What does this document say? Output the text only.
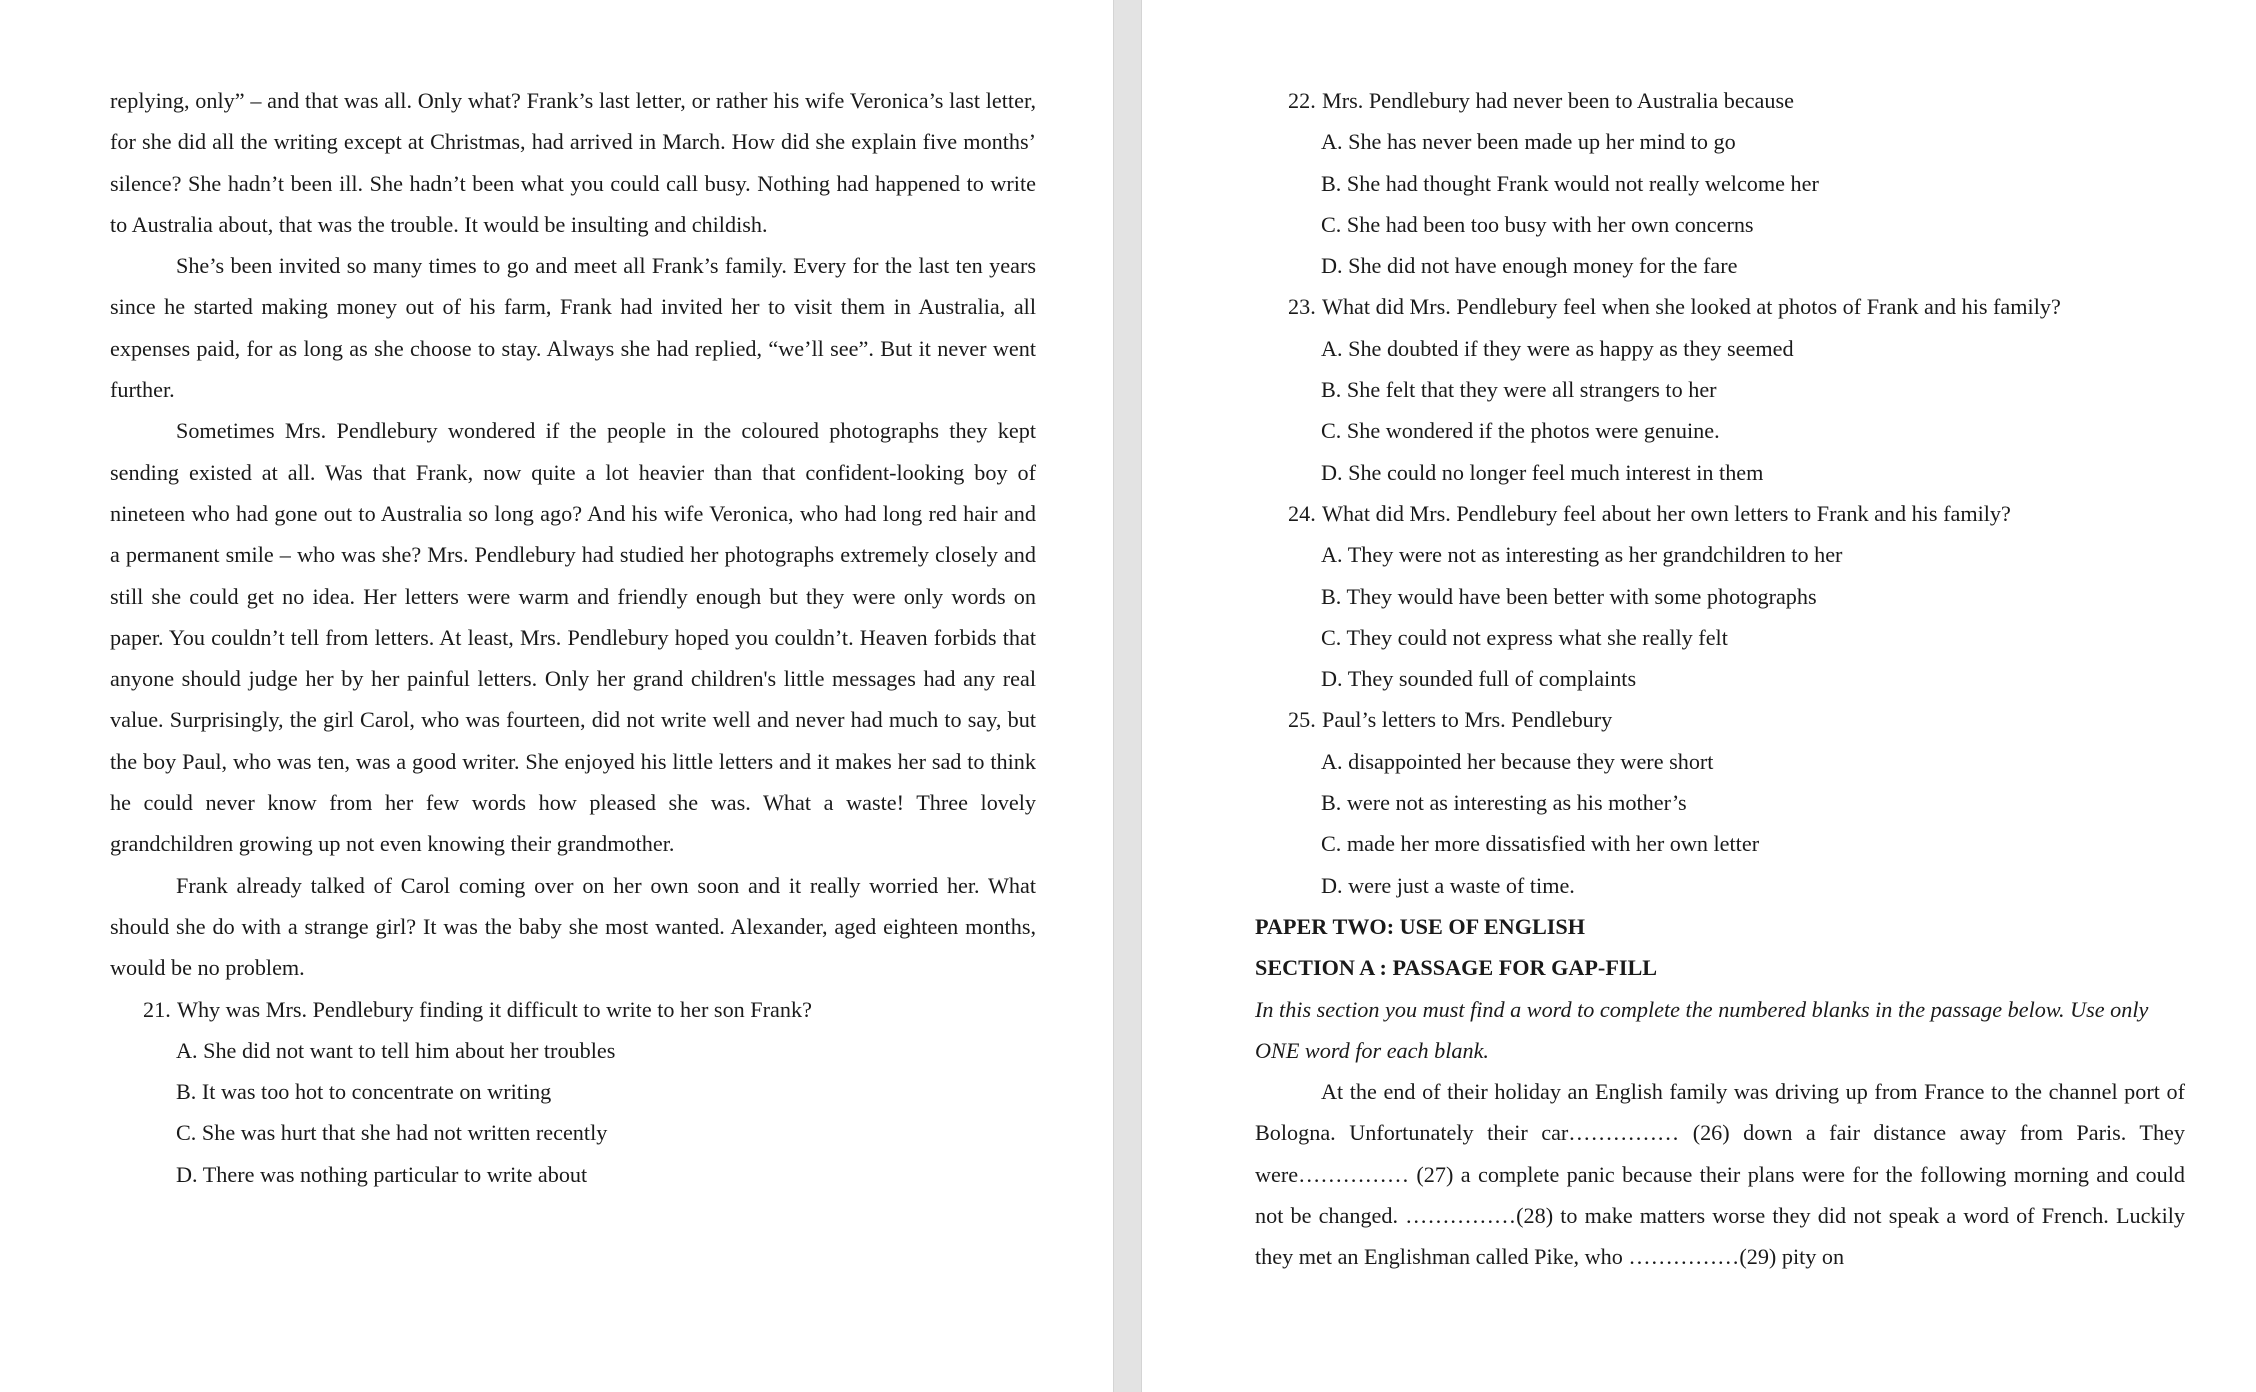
replying, only” – and that was all. Only what? Frank’s last letter, or rather his wife Veronica’s last letter, for she did all the writing except at Christmas, had arrived in March. How did she explain five months’ silence? She hadn’t been ill. She hadn’t been what you could call busy. Nothing had happened to write to Australia about, that was the trouble. It would be insulting and childish.

She’s been invited so many times to go and meet all Frank’s family. Every for the last ten years since he started making money out of his farm, Frank had invited her to visit them in Australia, all expenses paid, for as long as she choose to stay. Always she had replied, “we’ll see”. But it never went further.

Sometimes Mrs. Pendlebury wondered if the people in the coloured photographs they kept sending existed at all. Was that Frank, now quite a lot heavier than that confident-looking boy of nineteen who had gone out to Australia so long ago? And his wife Veronica, who had long red hair and a permanent smile – who was she? Mrs. Pendlebury had studied her photographs extremely closely and still she could get no idea. Her letters were warm and friendly enough but they were only words on paper. You couldn’t tell from letters. At least, Mrs. Pendlebury hoped you couldn’t. Heaven forbids that anyone should judge her by her painful letters. Only her grand children's little messages had any real value. Surprisingly, the girl Carol, who was fourteen, did not write well and never had much to say, but the boy Paul, who was ten, was a good writer. She enjoyed his little letters and it makes her sad to think he could never know from her few words how pleased she was. What a waste! Three lovely grandchildren growing up not even knowing their grandmother.

Frank already talked of Carol coming over on her own soon and it really worried her. What should she do with a strange girl? It was the baby she most wanted. Alexander, aged eighteen months, would be no problem.

21. Why was Mrs. Pendlebury finding it difficult to write to her son Frank?

A. She did not want to tell him about her troubles

B. It was too hot to concentrate on writing

C. She was hurt that she had not written recently

D. There was nothing particular to write about

22. Mrs. Pendlebury had never been to Australia because

A. She has never been made up her mind to go

B. She had thought Frank would not really welcome her

C. She had been too busy with her own concerns

D. She did not have enough money for the fare

23. What did Mrs. Pendlebury feel when she looked at photos of Frank and his family?

A. She doubted if they were as happy as they seemed

B. She felt that they were all strangers to her

C. She wondered if the photos were genuine.

D. She could no longer feel much interest in them

24. What did Mrs. Pendlebury feel about her own letters to Frank and his family?

A. They were not as interesting as her grandchildren to her

B. They would have been better with some photographs

C. They could not express what she really felt

D. They sounded full of complaints

25. Paul’s letters to Mrs. Pendlebury

A. disappointed her because they were short

B. were not as interesting as his mother’s

C. made her more dissatisfied with her own letter

D. were just a waste of time.

PAPER TWO: USE OF ENGLISH

SECTION A : PASSAGE FOR GAP-FILL

In this section you must find a word to complete the numbered blanks in the passage below. Use only ONE word for each blank.

At the end of their holiday an English family was driving up from France to the channel port of Bologna. Unfortunately their car…………… (26) down a fair distance away from Paris. They were…………… (27) a complete panic because their plans were for the following morning and could not be changed. ……………(28) to make matters worse they did not speak a word of French. Luckily they met an Englishman called Pike, who ……………(29) pity on
